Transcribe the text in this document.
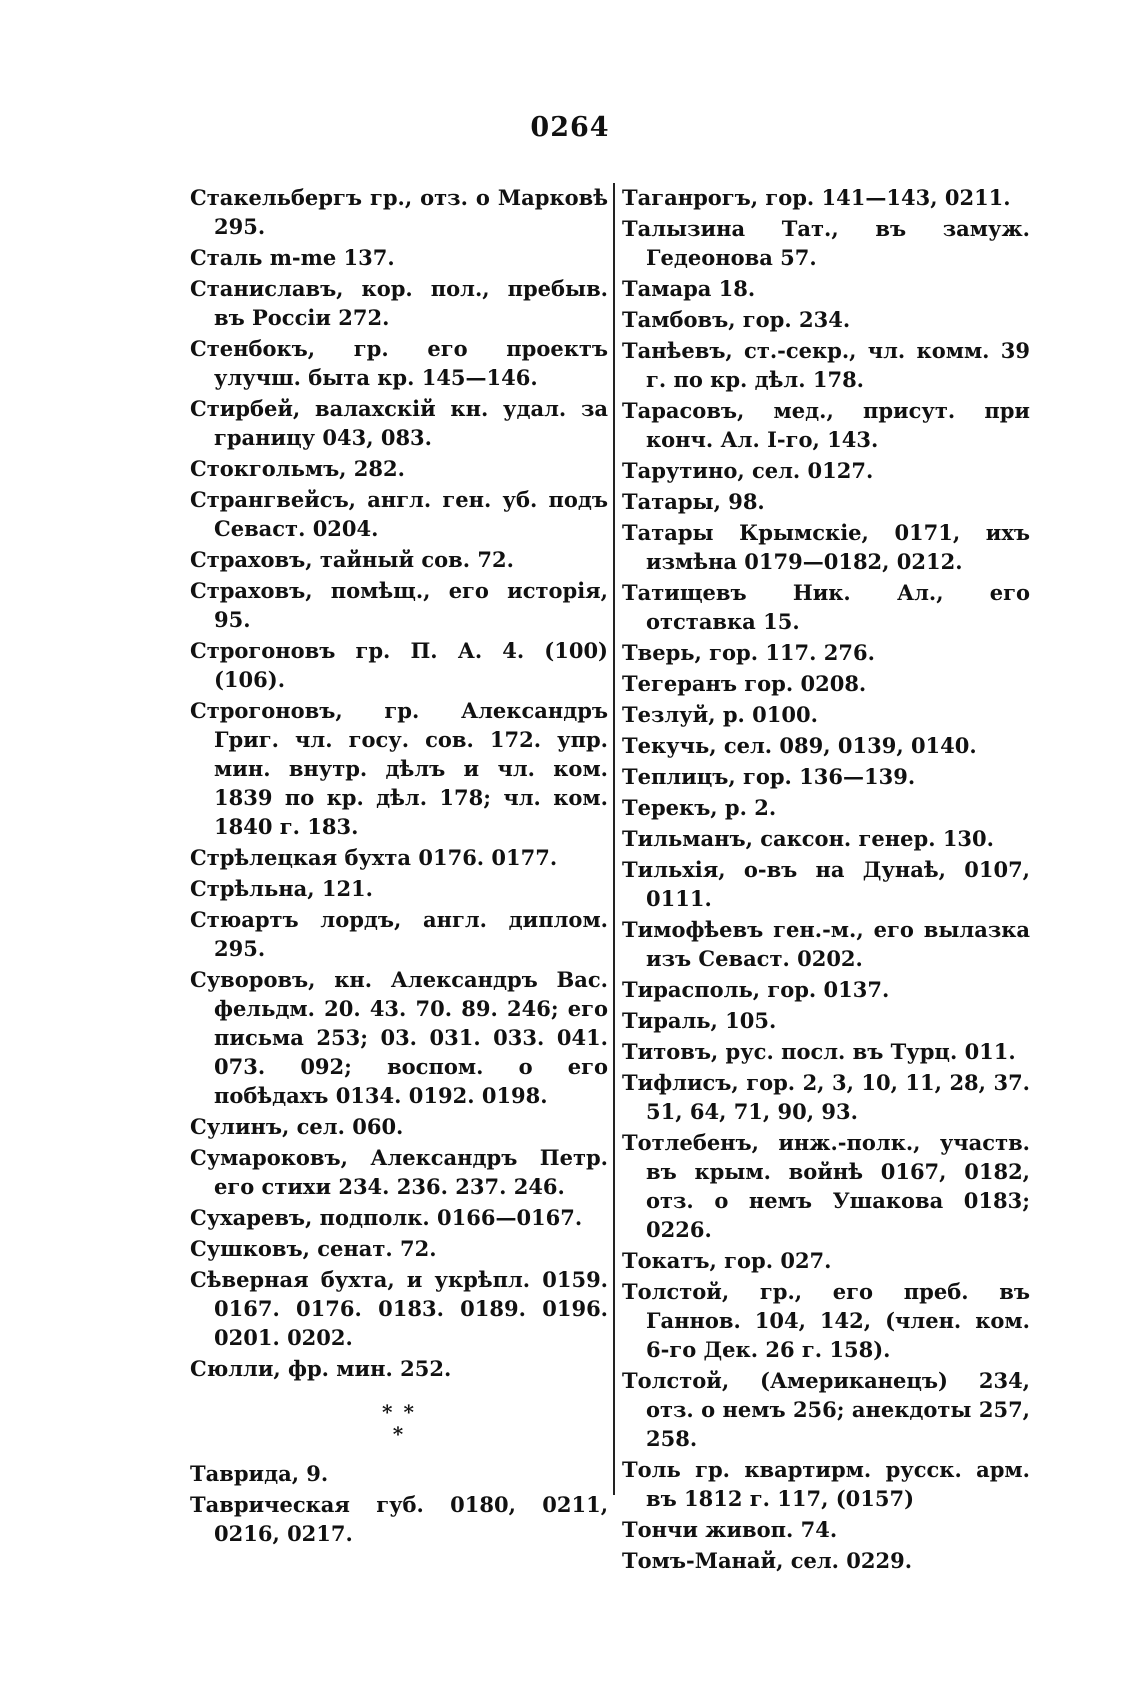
0264
Стакельбергъ гр., отз. о Марковѣ 295.
Сталь m-me 137.
Станиславъ, кор. пол., пребыв. въ Россіи 272.
Стенбокъ, гр. его проектъ улучш. быта кр. 145—146.
Стирбей, валахскій кн. удал. за границу 043, 083.
Стокгольмъ, 282.
Странгвейсъ, англ. ген. уб. подъ Севаст. 0204.
Страховъ, тайный сов. 72.
Страховъ, помѣщ., его исторія, 95.
Строгоновъ гр. П. А. 4. (100) (106).
Строгоновъ, гр. Александръ Григ. чл. госу. сов. 172. упр. мин. внутр. дѣлъ и чл. ком. 1839 по кр. дѣл. 178; чл. ком. 1840 г. 183.
Стрѣлецкая бухта 0176. 0177.
Стрѣльна, 121.
Стюартъ лордъ, англ. диплом. 295.
Суворовъ, кн. Александръ Вас. фельдм. 20. 43. 70. 89. 246; его письма 253; 03. 031. 033. 041. 073. 092; воспом. о его побѣдахъ 0134. 0192. 0198.
Сулинъ, сел. 060.
Сумароковъ, Александръ Петр. его стихи 234. 236. 237. 246.
Сухаревъ, подполк. 0166—0167.
Сушковъ, сенат. 72.
Сѣверная бухта, и укрѣпл. 0159. 0167. 0176. 0183. 0189. 0196. 0201. 0202.
Сюлли, фр. мин. 252.
* *
*
Таврида, 9.
Таврическая губ. 0180, 0211, 0216, 0217.
Таганрогъ, гор. 141—143, 0211.
Талызина Тат., въ замуж. Гедеонова 57.
Тамара 18.
Тамбовъ, гор. 234.
Танѣевъ, ст.-секр., чл. комм. 39 г. по кр. дѣл. 178.
Тарасовъ, мед., присут. при конч. Ал. I-го, 143.
Тарутино, сел. 0127.
Татары, 98.
Татары Крымскіе, 0171, ихъ измѣна 0179—0182, 0212.
Татищевъ Ник. Ал., его отставка 15.
Тверь, гор. 117. 276.
Тегеранъ гор. 0208.
Тезлуй, р. 0100.
Текучь, сел. 089, 0139, 0140.
Теплицъ, гор. 136—139.
Терекъ, р. 2.
Тильманъ, саксон. генер. 130.
Тильхія, о-въ на Дунаѣ, 0107, 0111.
Тимофѣевъ ген.-м., его вылазка изъ Севаст. 0202.
Тирасполь, гор. 0137.
Тираль, 105.
Титовъ, рус. посл. въ Турц. 011.
Тифлисъ, гор. 2, 3, 10, 11, 28, 37. 51, 64, 71, 90, 93.
Тотлебенъ, инж.-полк., участв. въ крым. войнѣ 0167, 0182, отз. о немъ Ушакова 0183; 0226.
Токатъ, гор. 027.
Толстой, гр., его преб. въ Ганнов. 104, 142, (член. ком. 6-го Дек. 26 г. 158).
Толстой, (Американецъ) 234, отз. о немъ 256; анекдоты 257, 258.
Толь гр. квартирм. русск. арм. въ 1812 г. 117, (0157)
Тончи живоп. 74.
Томъ-Манай, сел. 0229.
